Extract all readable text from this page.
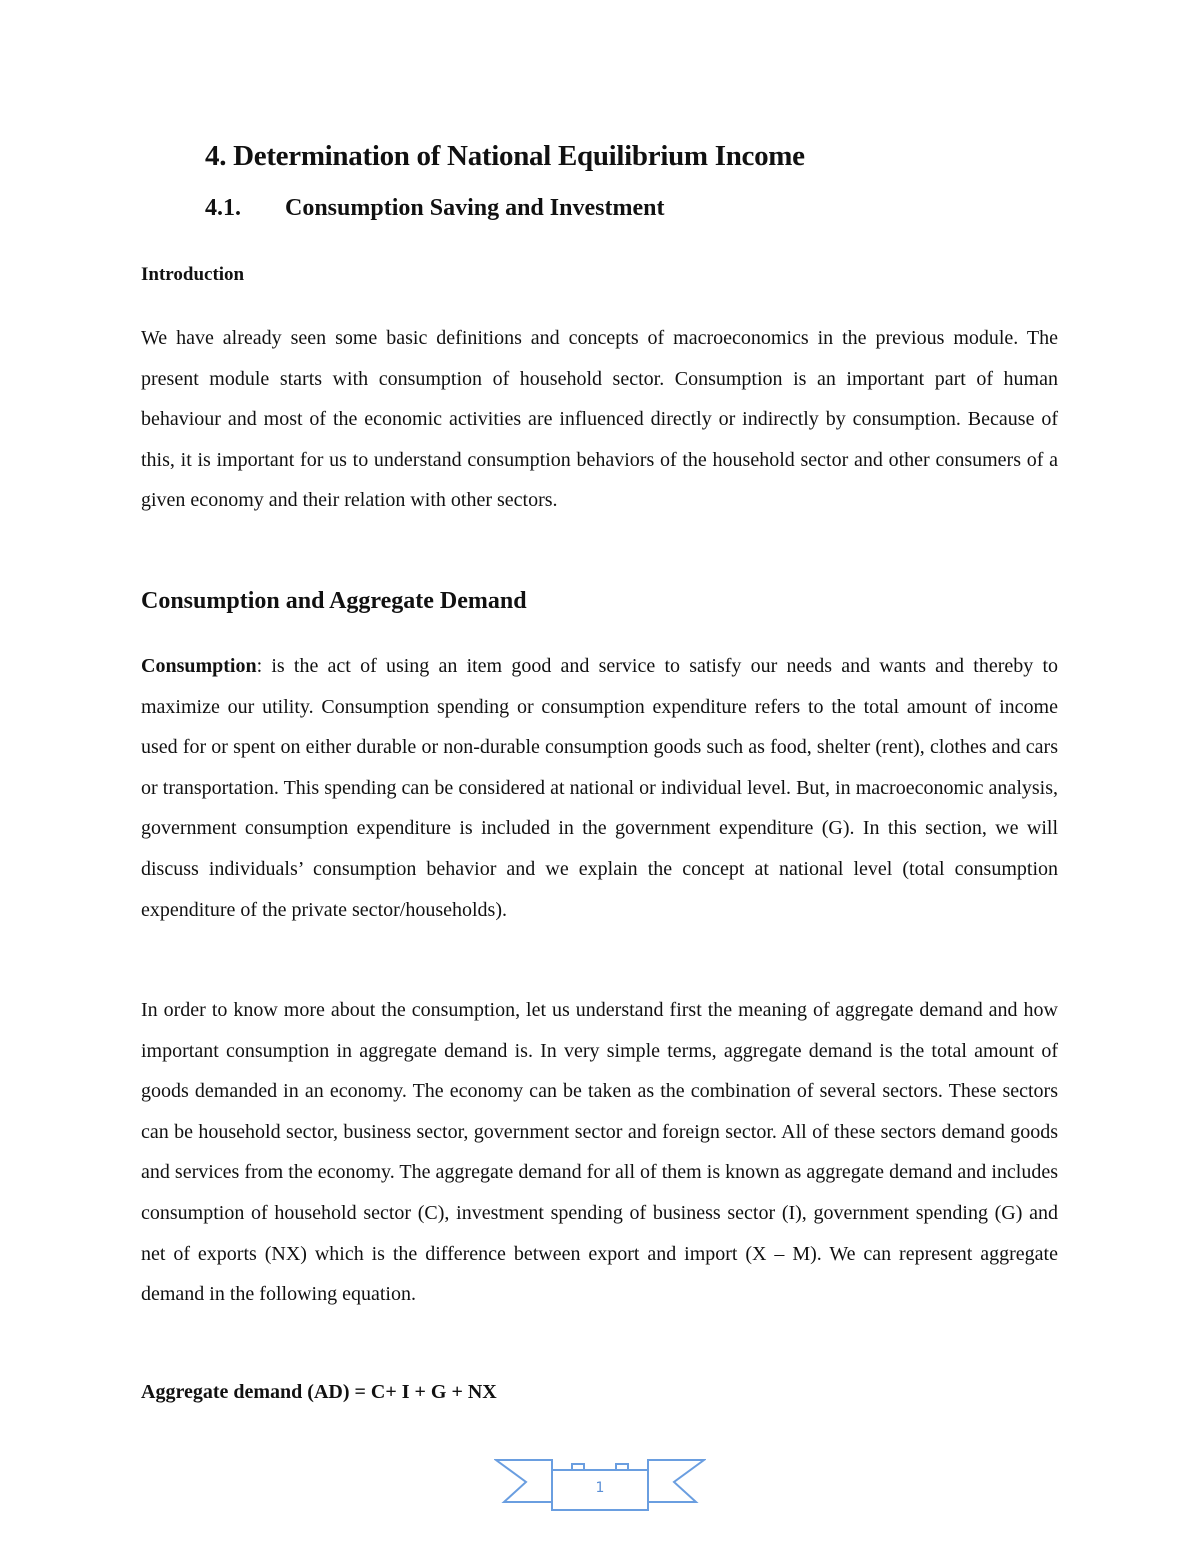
4. Determination of National Equilibrium Income
4.1. Consumption Saving and Investment
Introduction
We have already seen some basic definitions and concepts of macroeconomics in the previous module. The present module starts with consumption of household sector. Consumption is an important part of human behaviour and most of the economic activities are influenced directly or indirectly by consumption. Because of this, it is important for us to understand consumption behaviors of the household sector and other consumers of a given economy and their relation with other sectors.
Consumption and Aggregate Demand
Consumption: is the act of using an item good and service to satisfy our needs and wants and thereby to maximize our utility. Consumption spending or consumption expenditure refers to the total amount of income used for or spent on either durable or non-durable consumption goods such as food, shelter (rent), clothes and cars or transportation. This spending can be considered at national or individual level. But, in macroeconomic analysis, government consumption expenditure is included in the government expenditure (G). In this section, we will discuss individuals’ consumption behavior and we explain the concept at national level (total consumption expenditure of the private sector/households).
In order to know more about the consumption, let us understand first the meaning of aggregate demand and how important consumption in aggregate demand is. In very simple terms, aggregate demand is the total amount of goods demanded in an economy. The economy can be taken as the combination of several sectors. These sectors can be household sector, business sector, government sector and foreign sector. All of these sectors demand goods and services from the economy. The aggregate demand for all of them is known as aggregate demand and includes consumption of household sector (C), investment spending of business sector (I), government spending (G) and net of exports (NX) which is the difference between export and import (X – M). We can represent aggregate demand in the following equation.
Aggregate demand (AD) = C+ I + G + NX
1
